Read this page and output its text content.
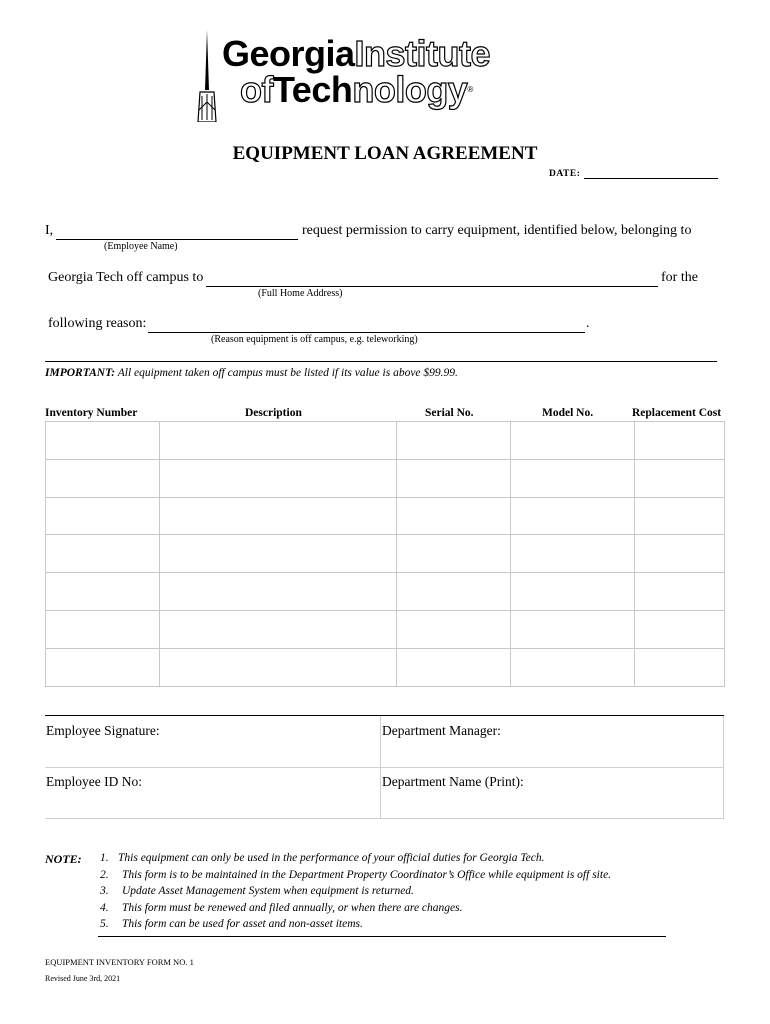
GeorgiaInstitute
ofTechnology®
EQUIPMENT LOAN AGREEMENT
DATE:
I,	request permission to carry equipment, identified below, belonging to
(Employee Name)
Georgia Tech off campus to	for the
(Full Home Address)
following reason:	.
(Reason equipment is off campus, e.g. teleworking)
IMPORTANT: All equipment taken off campus must be listed if its value is above $99.99.
Inventory Number	Description	Serial No.	Model No.	Replacement Cost

Employee Signature:	Department Manager:
Employee ID No:	Department Name (Print):
NOTE: 1. This equipment can only be used in the performance of your official duties for Georgia Tech.
2. This form is to be maintained in the Department Property Coordinator’s Office while equipment is off site.
3. Update Asset Management System when equipment is returned.
4. This form must be renewed and filed annually, or when there are changes.
5. This form can be used for asset and non-asset items.
EQUIPMENT INVENTORY FORM NO. 1
Revised June 3rd, 2021
